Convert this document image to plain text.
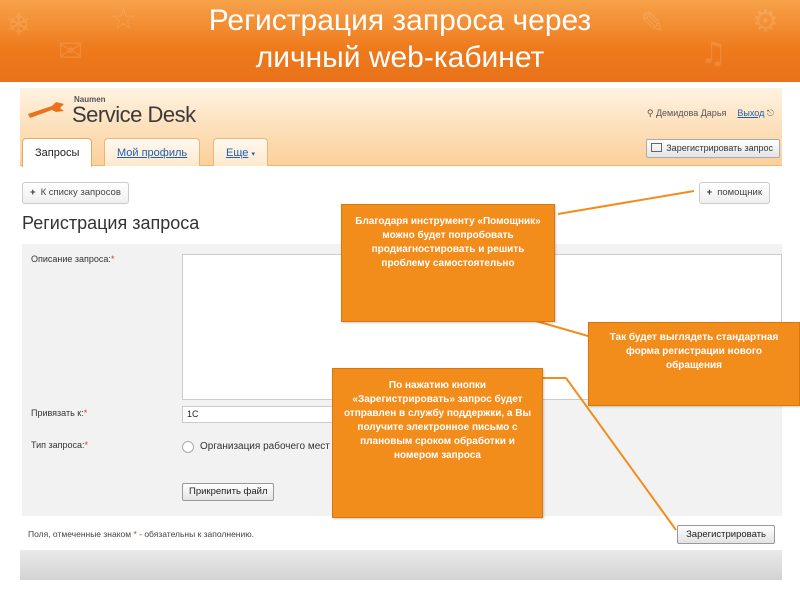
❄
✉
☆	✎
♫
⚙
Регистрация запроса через
личный web-кабинет
Naumen
Service Desk	⚲ Демидова Дарья Выход ⎋
Запросы	Мой профиль	Еще ▾
Зарегистрировать запрос
+ К списку запросов	+ помощник
Регистрация запроса
Описание запроса:*
Привязать к:*	1С
Тип запроса:*	Организация рабочего мест
Прикрепить файл
Поля, отмеченные знаком * - обязательны к заполнению.	Зарегистрировать
Благодаря инструменту «Помощник» можно будет попробовать продиагностировать и решить проблему самостоятельно
Так будет выглядеть стандартная форма регистрации нового обращения
По нажатию кнопки «Зарегистрировать» запрос будет отправлен в службу поддержки, а Вы получите электронное письмо с плановым сроком обработки и номером запроса
